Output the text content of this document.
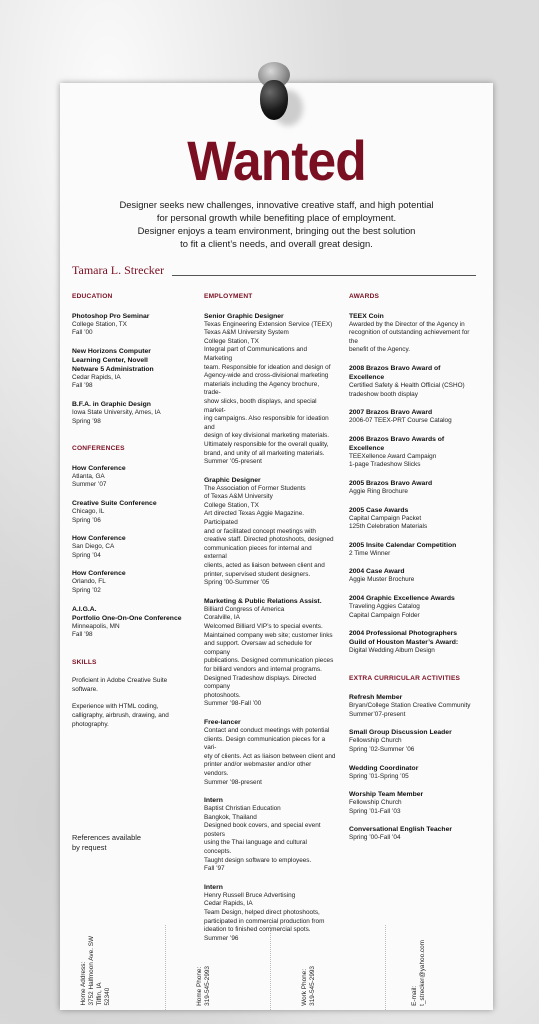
Wanted
Designer seeks new challenges, innovative creative staff, and high potential
for personal growth while benefiting place of employment.
Designer enjoys a team environment, bringing out the best solution
to fit a client’s needs, and overall great design.
Tamara L. Strecker
EDUCATION
Photoshop Pro Seminar
College Station, TX
Fall ’00
New Horizons Computer
Learning Center, Novell
Netware 5 Administration
Cedar Rapids, IA
Fall ’98
B.F.A. in Graphic Design
Iowa State University, Ames, IA
Spring ’98
CONFERENCES
How Conference
Atlanta, GA
Summer ’07
Creative Suite Conference
Chicago, IL
Spring ’06
How Conference
San Diego, CA
Spring ’04
How Conference
Orlando, FL
Spring ’02
A.I.G.A.
Portfolio One-On-One Conference
Minneapolis, MN
Fall ’98
SKILLS

Proficient in Adobe Creative Suite software.

Experience with HTML coding, calligraphy, airbrush, drawing, and photography.

References available
by request
EMPLOYMENT
Senior Graphic Designer
Texas Engineering Extension Service (TEEX)
Texas A&M University System
College Station, TX
Integral part of Communications and Marketing
team. Responsible for ideation and design of
Agency-wide and cross-divisional marketing
materials including the Agency brochure, trade-
show slicks, booth displays, and special market-
ing campaigns. Also responsible for ideation and
design of key divisional marketing materials.
Ultimately responsible for the overall quality,
brand, and unity of all marketing materials.
Summer ’05-present
Graphic Designer
The Association of Former Students
of Texas A&M University
College Station, TX
Art directed Texas Aggie Magazine. Participated
and or facilitated concept meetings with
creative staff. Directed photoshoots, designed
communication pieces for internal and external
clients, acted as liaison between client and
printer, supervised student designers.
Spring ’00-Summer ’05
Marketing & Public Relations Assist.
Billiard Congress of America
Coralville, IA
Welcomed Billiard VIP’s to special events.
Maintained company web site; customer links
and support. Oversaw ad schedule for company
publications. Designed communication pieces
for billiard vendors and internal programs.
Designed Tradeshow displays. Directed company
photoshoots.
Summer ’98-Fall ’00
Free-lancer
Contact and conduct meetings with potential
clients. Design communication pieces for a vari-
ety of clients. Act as liaison between client and
printer and/or webmaster and/or other vendors.
Summer ’98-present
Intern
Baptist Christian Education
Bangkok, Thailand
Designed book covers, and special event posters
using the Thai language and cultural concepts.
Taught design software to employees.
Fall ’97
Intern
Henry Russell Bruce Advertising
Cedar Rapids, IA
Team Design, helped direct photoshoots,
participated in commercial production from
ideation to finished commercial spots.
Summer ’96
AWARDS
TEEX Coin
Awarded by the Director of the Agency in
recognition of outstanding achievement for the
benefit of the Agency.
2008 Brazos Bravo Award of
Excellence
Certified Safety & Health Official (CSHO)
tradeshow booth display
2007 Brazos Bravo Award
2006-07 TEEX-PRT Course Catalog
2006 Brazos Bravo Awards of
Excellence
TEEXellence Award Campaign
1-page Tradeshow Slicks
2005 Brazos Bravo Award
Aggie Ring Brochure
2005 Case Awards
Capital Campaign Packet
125th Celebration Materials
2005 Insite Calendar Competition
2 Time Winner
2004 Case Award
Aggie Muster Brochure
2004 Graphic Excellence Awards
Traveling Aggies Catalog
Capital Campaign Folder
2004 Professional Photographers
Guild of Houston Master’s Award:
Digital Wedding Album Design
EXTRA CURRICULAR ACTIVITIES
Refresh Member
Bryan/College Station Creative Community
Summer’07-present
Small Group Discussion Leader
Fellowship Church
Spring ’02-Summer ’06
Wedding Coordinator
Spring ’01-Spring ’05
Worship Team Member
Fellowship Church
Spring ’01-Fall ’03
Conversational English Teacher
Spring ’00-Fall ’04
Home Address: 3752 Halfmoon Ave. SW Tiffin, IA 52340	Home Phone: 319-545-2993	Work Phone: 319-545-2993	E-mail: t_strecker@yahoo.com
